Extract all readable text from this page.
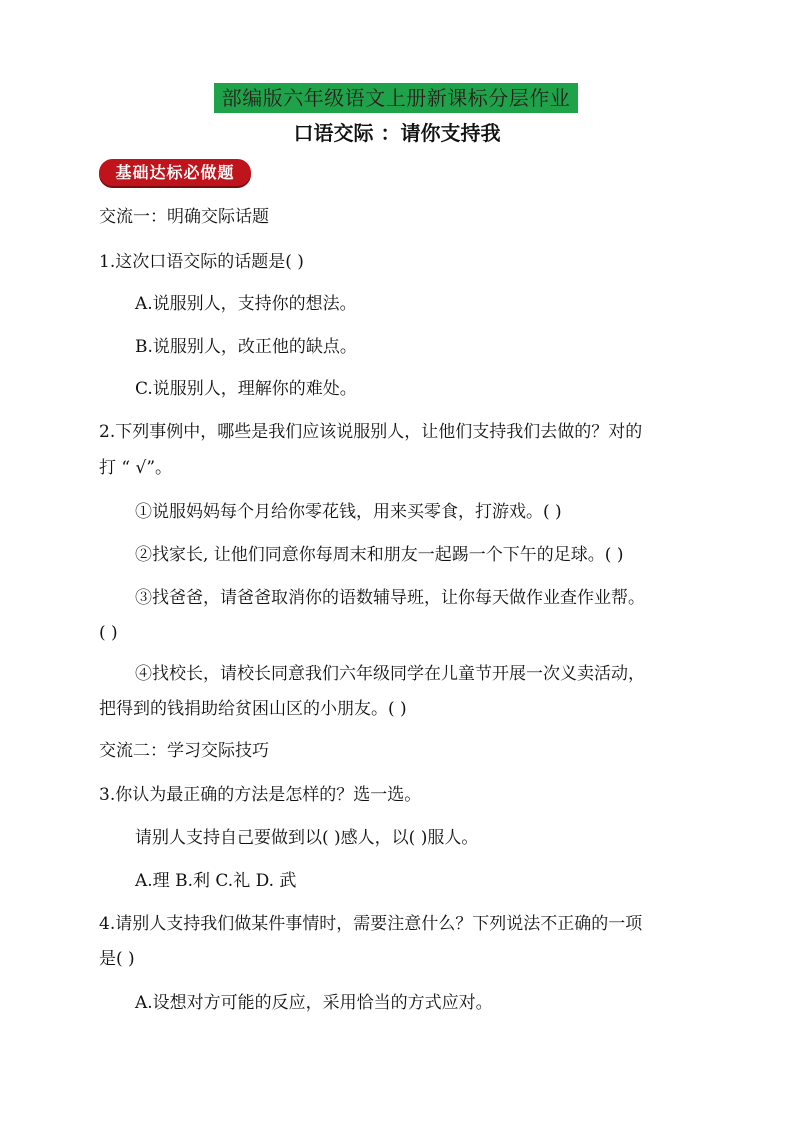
部编版六年级语文上册新课标分层作业
口语交际 ：请你支持我
基础达标必做题
交流一：明确交际话题
1.这次口语交际的话题是( )
A.说服别人，支持你的想法。
B.说服别人，改正他的缺点。
C.说服别人，理解你的难处。
2.下列事例中，哪些是我们应该说服别人，让他们支持我们去做的？对的
打 “ √”。
①说服妈妈每个月给你零花钱，用来买零食，打游戏。( )
②找家长, 让他们同意你每周末和朋友一起踢一个下午的足球。( )
③找爸爸，请爸爸取消你的语数辅导班，让你每天做作业查作业帮。
( )
④找校长，请校长同意我们六年级同学在儿童节开展一次义卖活动，
把得到的钱捐助给贫困山区的小朋友。( )
交流二：学习交际技巧
3.你认为最正确的方法是怎样的？选一选。
请别人支持自己要做到以( )感人，以( )服人。
A.理 B.利 C.礼 D. 武
4.请别人支持我们做某件事情时，需要注意什么？下列说法不正确的一项
是( )
A.设想对方可能的反应，采用恰当的方式应对。
